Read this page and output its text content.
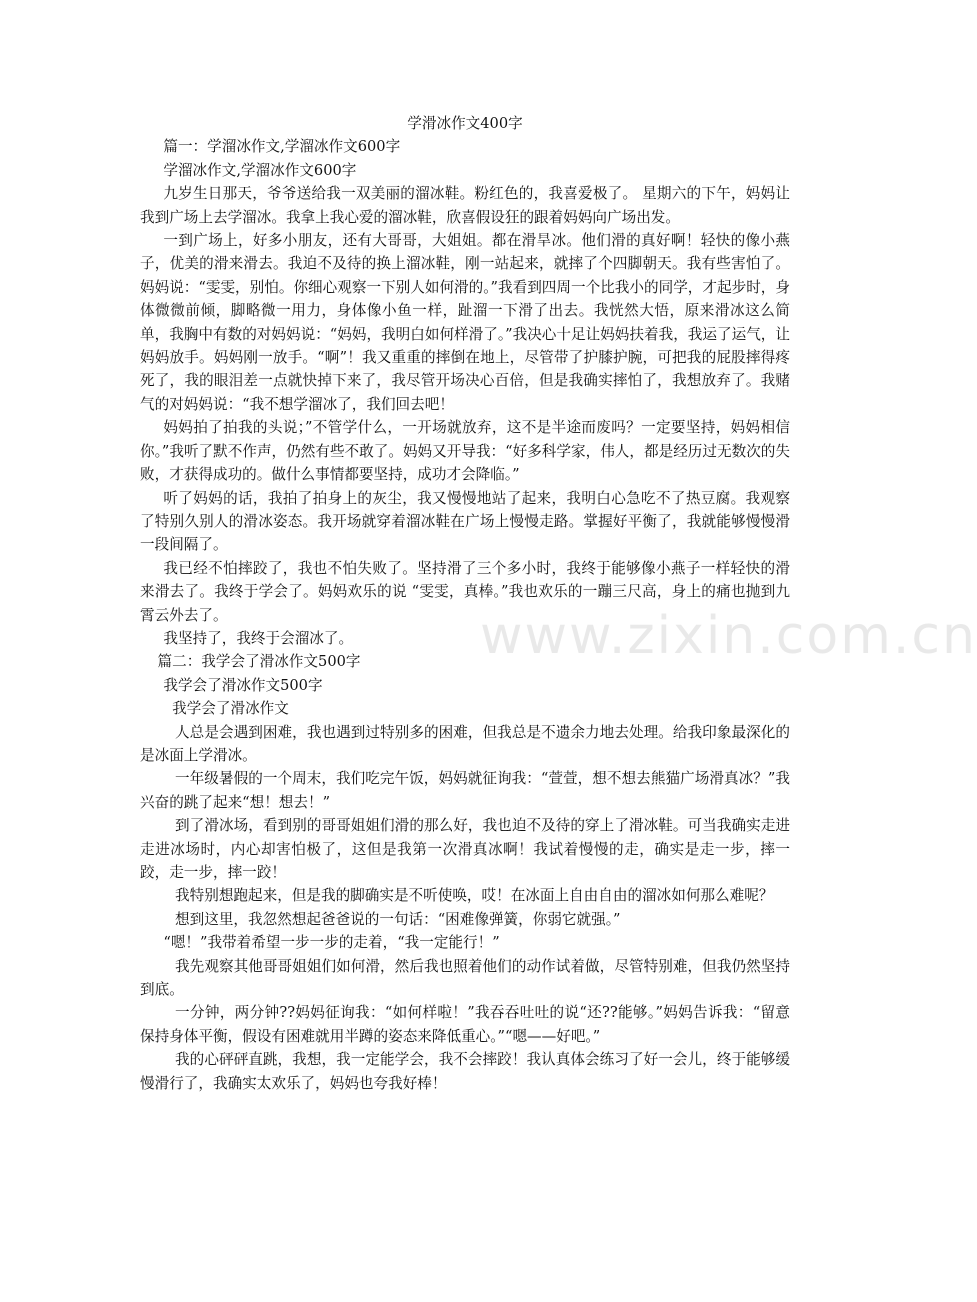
学滑冰作文400字

篇一：学溜冰作文,学溜冰作文600字

学溜冰作文,学溜冰作文600字

九岁生日那天，爷爷送给我一双美丽的溜冰鞋。粉红色的，我喜爱极了。 星期六的下午，妈妈让我到广场上去学溜冰。我拿上我心爱的溜冰鞋，欣喜假设狂的跟着妈妈向广场出发。

一到广场上，好多小朋友，还有大哥哥，大姐姐。都在滑旱冰。他们滑的真好啊！轻快的像小燕子，优美的滑来滑去。我迫不及待的换上溜冰鞋，刚一站起来，就摔了个四脚朝天。我有些害怕了。妈妈说：“雯雯，别怕。你细心观察一下别人如何滑的。”我看到四周一个比我小的同学，才起步时，身体微微前倾，脚略微一用力，身体像小鱼一样，趾溜一下滑了出去。我恍然大悟，原来滑冰这么简单，我胸中有数的对妈妈说：“妈妈，我明白如何样滑了。”我决心十足让妈妈扶着我，我运了运气，让妈妈放手。妈妈刚一放手。“啊”！我又重重的摔倒在地上，尽管带了护膝护腕，可把我的屁股摔得疼死了，我的眼泪差一点就快掉下来了，我尽管开场决心百倍，但是我确实摔怕了，我想放弃了。我赌气的对妈妈说：“我不想学溜冰了，我们回去吧！

妈妈拍了拍我的头说；”不管学什么，一开场就放弃，这不是半途而废吗？一定要坚持，妈妈相信你。”我听了默不作声，仍然有些不敢了。妈妈又开导我：“好多科学家，伟人，都是经历过无数次的失败，才获得成功的。做什么事情都要坚持，成功才会降临。”

听了妈妈的话，我拍了拍身上的灰尘，我又慢慢地站了起来，我明白心急吃不了热豆腐。我观察了特别久别人的滑冰姿态。我开场就穿着溜冰鞋在广场上慢慢走路。掌握好平衡了，我就能够慢慢滑一段间隔了。

我已经不怕摔跤了，我也不怕失败了。坚持滑了三个多小时，我终于能够像小燕子一样轻快的滑来滑去了。我终于学会了。妈妈欢乐的说 “雯雯，真棒。”我也欢乐的一蹦三尺高，身上的痛也抛到九霄云外去了。

我坚持了，我终于会溜冰了。

篇二：我学会了滑冰作文500字

我学会了滑冰作文500字

我学会了滑冰作文

人总是会遇到困难，我也遇到过特别多的困难，但我总是不遗余力地去处理。给我印象最深化的是冰面上学滑冰。

一年级暑假的一个周末，我们吃完午饭，妈妈就征询我：“萱萱，想不想去熊猫广场滑真冰？”我兴奋的跳了起来“想！想去！”

到了滑冰场，看到别的哥哥姐姐们滑的那么好，我也迫不及待的穿上了滑冰鞋。可当我确实走进走进冰场时，内心却害怕极了，这但是我第一次滑真冰啊！我试着慢慢的走，确实是走一步，摔一跤，走一步，摔一跤！

我特别想跑起来，但是我的脚确实是不听使唤，哎！在冰面上自由自由的溜冰如何那么难呢？

想到这里，我忽然想起爸爸说的一句话：“困难像弹簧，你弱它就强。”

“嗯！”我带着希望一步一步的走着，“我一定能行！”

我先观察其他哥哥姐姐们如何滑，然后我也照着他们的动作试着做，尽管特别难，但我仍然坚持到底。

一分钟，两分钟??妈妈征询我：“如何样啦！”我吞吞吐吐的说“还??能够。”妈妈告诉我：“留意保持身体平衡，假设有困难就用半蹲的姿态来降低重心。”“嗯——好吧。”

我的心砰砰直跳，我想，我一定能学会，我不会摔跤！我认真体会练习了好一会儿，终于能够缓慢滑行了，我确实太欢乐了，妈妈也夸我好棒！

www.zixin.com.cn
